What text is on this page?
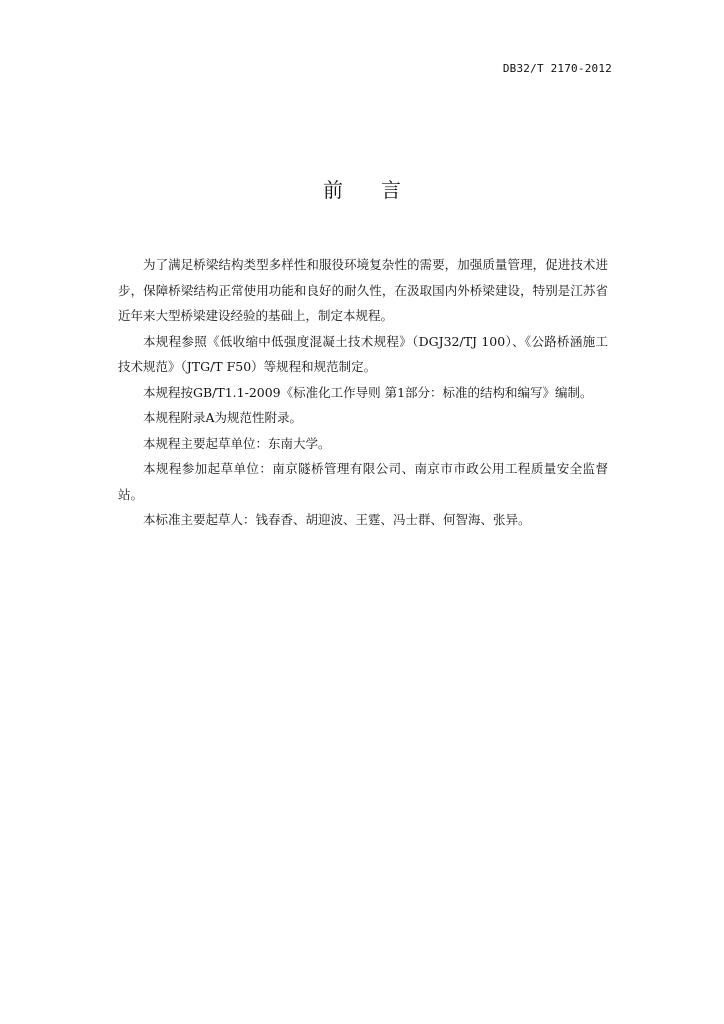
DB32/T 2170-2012
前 言

为了满足桥梁结构类型多样性和服役环境复杂性的需要，加强质量管理，促进技术进步，保障桥梁结构正常使用功能和良好的耐久性，在汲取国内外桥梁建设，特别是江苏省近年来大型桥梁建设经验的基础上，制定本规程。

本规程参照《低收缩中低强度混凝土技术规程》（DGJ32/TJ 100）、《公路桥涵施工技术规范》（JTG/T F50）等规程和规范制定。

本规程按GB/T1.1-2009《标准化工作导则 第1部分：标准的结构和编写》编制。

本规程附录A为规范性附录。

本规程主要起草单位：东南大学。

本规程参加起草单位：南京隧桥管理有限公司、南京市市政公用工程质量安全监督站。

本标准主要起草人：钱春香、胡迎波、王霆、冯士群、何智海、张异。
